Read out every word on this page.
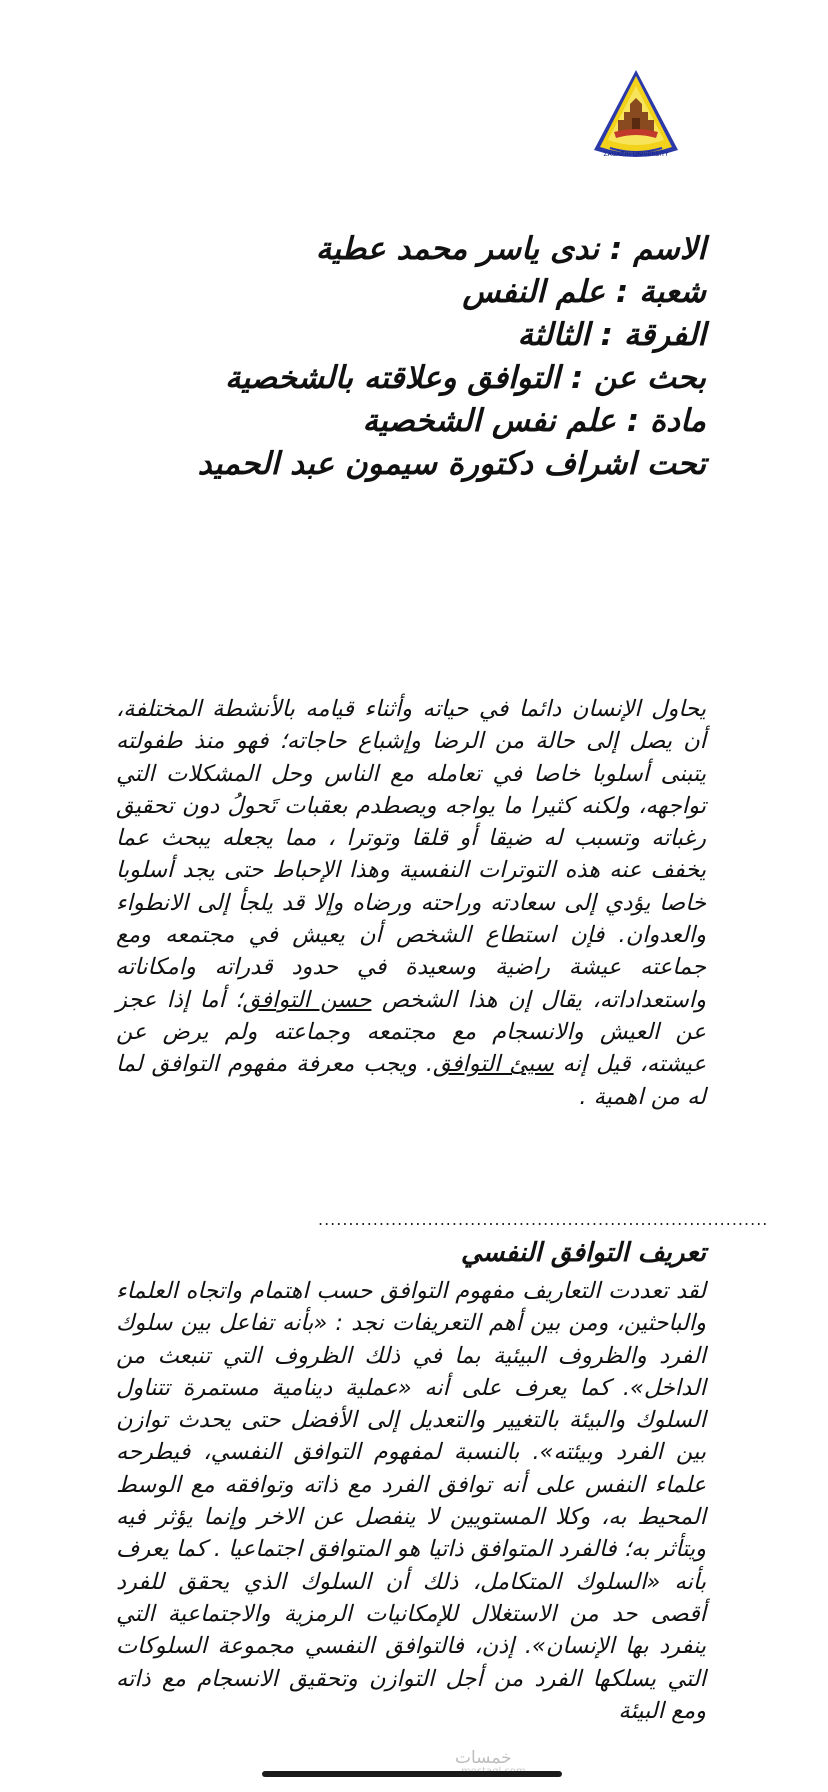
ZAGAZIG UNIVERSITY
الاسم : ندى ياسر محمد عطية
شعبة : علم النفس
الفرقة : الثالثة
بحث عن : التوافق وعلاقته بالشخصية
مادة : علم نفس الشخصية
تحت اشراف دكتورة سيمون عبد الحميد

يحاول الإنسان دائما في حياته وأثناء قيامه بالأنشطة المختلفة، أن يصل إلى حالة من الرضا وإشباع حاجاته؛ فهو منذ طفولته يتبنى أسلوبا خاصا في تعامله مع الناس وحل المشكلات التي تواجهه، ولكنه كثيرا ما يواجه ويصطدم بعقبات تَحولُ دون تحقيق رغباته وتسبب له ضيقا أو قلقا وتوترا ، مما يجعله يبحث عما يخفف عنه هذه التوترات النفسية وهذا الإحباط حتى يجد أسلوبا خاصا يؤدي إلى سعادته وراحته ورضاه وإلا قد يلجأ إلى الانطواء والعدوان. فإن استطاع الشخص أن يعيش في مجتمعه ومع جماعته عيشة راضية وسعيدة في حدود قدراته وامكاناته واستعداداته، يقال إن هذا الشخص حسن التوافق؛ أما إذا عجز عن العيش والانسجام مع مجتمعه وجماعته ولم يرض عن عيشته، قيل إنه سيئ التوافق. ويجب معرفة مفهوم التوافق لما له من اهمية .

..........................................................................
تعريف التوافق النفسي

لقد تعددت التعاريف مفهوم التوافق حسب اهتمام واتجاه العلماء والباحثين، ومن بين أهم التعريفات نجد : «بأنه تفاعل بين سلوك الفرد والظروف البيئية بما في ذلك الظروف التي تنبعث من الداخل». كما يعرف على أنه «عملية دينامية مستمرة تتناول السلوك والبيئة بالتغيير والتعديل إلى الأفضل حتى يحدث توازن بين الفرد وبيئته». بالنسبة لمفهوم التوافق النفسي، فيطرحه علماء النفس على أنه توافق الفرد مع ذاته وتوافقه مع الوسط المحيط به، وكلا المستويين لا ينفصل عن الاخر وإنما يؤثر فيه ويتأثر به؛ فالفرد المتوافق ذاتيا هو المتوافق اجتماعيا . كما يعرف بأنه «السلوك المتكامل، ذلك أن السلوك الذي يحقق للفرد أقصى حد من الاستغلال للإمكانيات الرمزية والاجتماعية التي ينفرد بها الإنسان». إذن، فالتوافق النفسي مجموعة السلوكات التي يسلكها الفرد من أجل التوازن وتحقيق الانسجام مع ذاته ومع البيئة

خمسات
